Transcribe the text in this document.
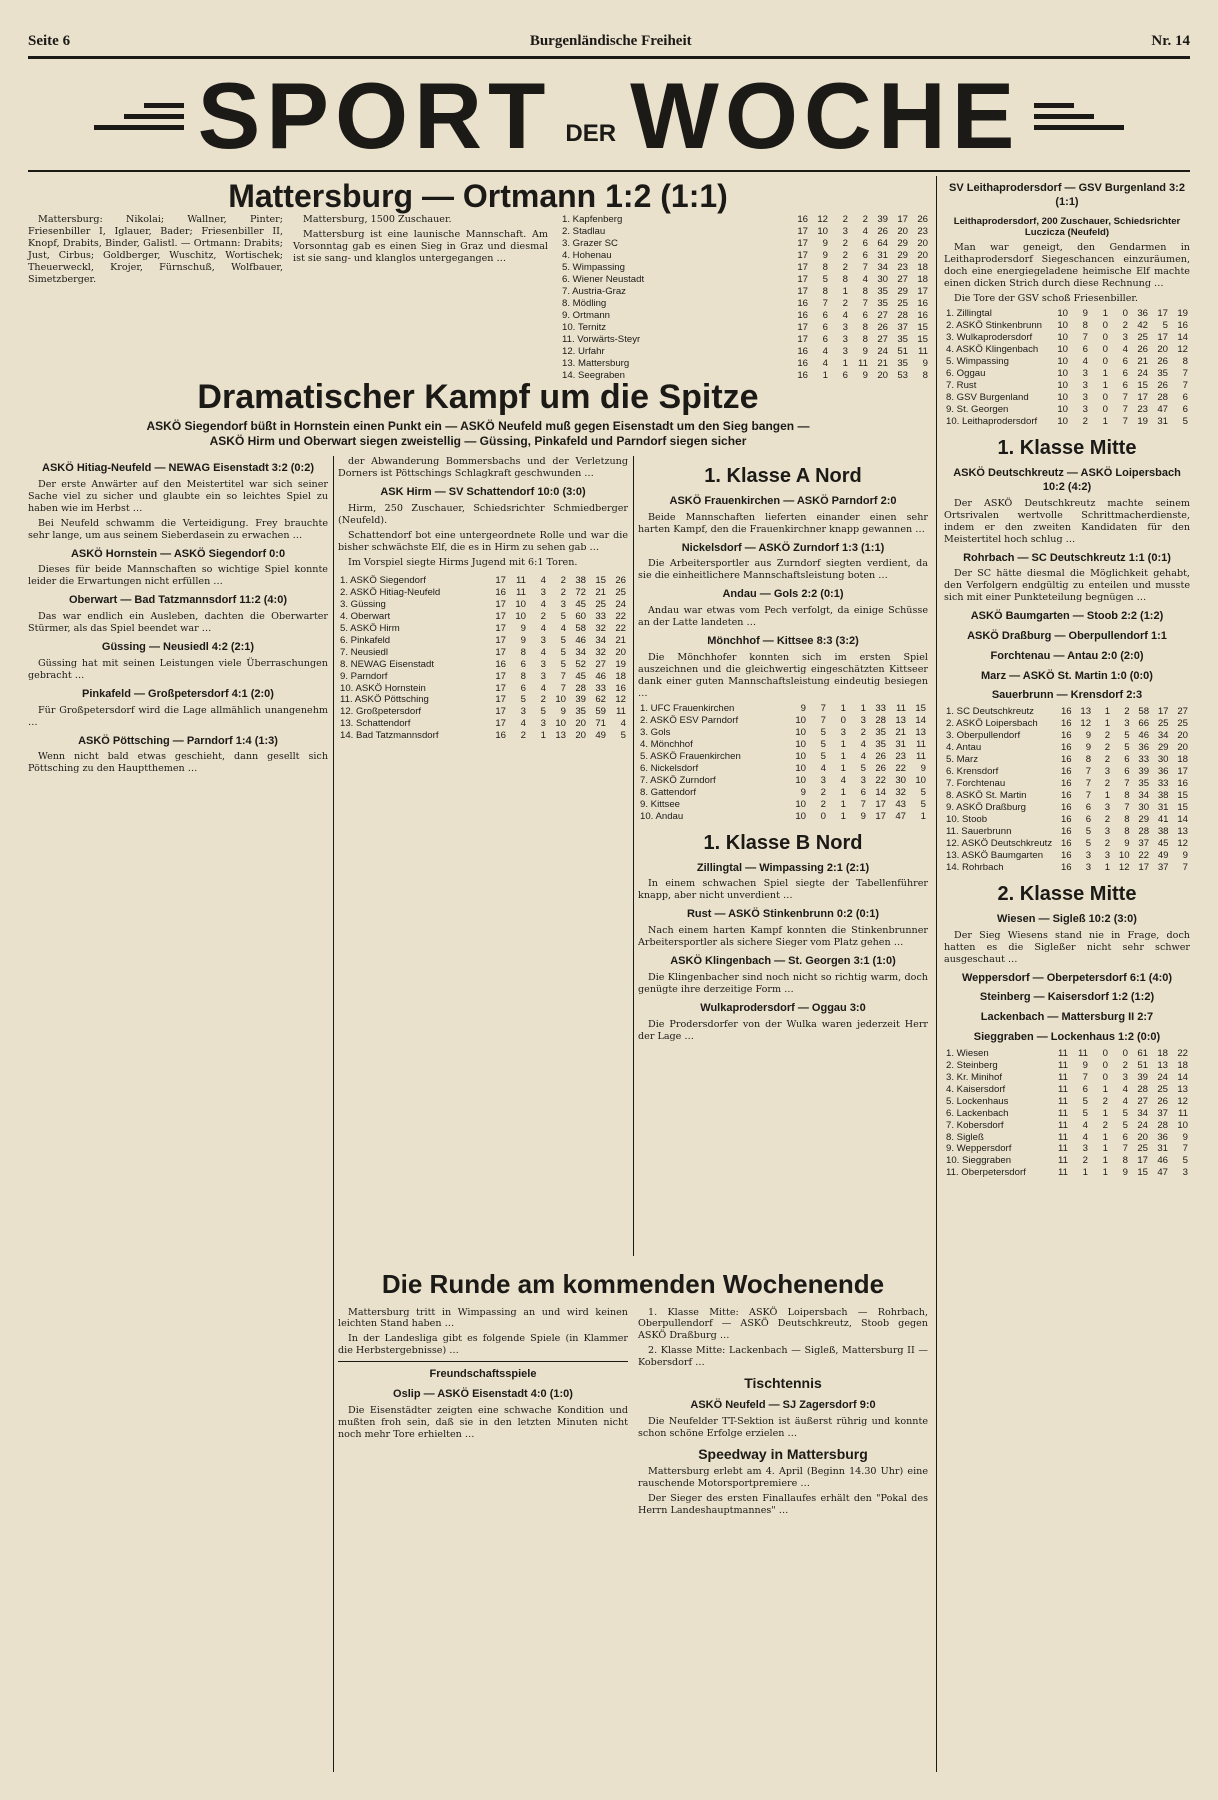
Seite 6	Burgenländische Freiheit	Nr. 14
SPORT DER WOCHE
Mattersburg — Ortmann 1:2 (1:1)

Mattersburg: Nikolai; Wallner, Pinter; Friesenbiller I, Iglauer, Bader; Friesenbiller II, Knopf, Drabits, Binder, Galistl. — Ortmann: Drabits; Just, Cirbus; Goldberger, Wuschitz, Wortischek; Theuerweckl, Krojer, Fürnschuß, Wolfbauer, Simetzberger.

Mattersburg, 1500 Zuschauer.

Mattersburg ist eine launische Mannschaft. Am Vorsonntag gab es einen Sieg in Graz und diesmal ist sie sang- und klanglos untergegangen …

1. Kapfenberg	16	12	2	2	39	17	26
2. Stadlau	17	10	3	4	26	20	23
3. Grazer SC	17	9	2	6	64	29	20
4. Hohenau	17	9	2	6	31	29	20
5. Wimpassing	17	8	2	7	34	23	18
6. Wiener Neustadt	17	5	8	4	30	27	18
7. Austria-Graz	17	8	1	8	35	29	17
8. Mödling	16	7	2	7	35	25	16
9. Ortmann	16	6	4	6	27	28	16
10. Ternitz	17	6	3	8	26	37	15
11. Vorwärts-Steyr	17	6	3	8	27	35	15
12. Urfahr	16	4	3	9	24	51	11
13. Mattersburg	16	4	1	11	21	35	9
14. Seegraben	16	1	6	9	20	53	8
Dramatischer Kampf um die Spitze
ASKÖ Siegendorf büßt in Hornstein einen Punkt ein — ASKÖ Neufeld muß gegen Eisenstadt um den Sieg bangen —
ASKÖ Hirm und Oberwart siegen zweistellig — Güssing, Pinkafeld und Parndorf siegen sicher
ASKÖ Hitiag-Neufeld — NEWAG Eisenstadt 3:2 (0:2)

Der erste Anwärter auf den Meistertitel war sich seiner Sache viel zu sicher und glaubte ein so leichtes Spiel zu haben wie im Herbst …

Bei Neufeld schwamm die Verteidigung. Frey brauchte sehr lange, um aus seinem Sieberdasein zu erwachen …

ASKÖ Hornstein — ASKÖ Siegendorf 0:0

Dieses für beide Mannschaften so wichtige Spiel konnte leider die Erwartungen nicht erfüllen …

Oberwart — Bad Tatzmannsdorf 11:2 (4:0)

Das war endlich ein Ausleben, dachten die Oberwarter Stürmer, als das Spiel beendet war …

Güssing — Neusiedl 4:2 (2:1)

Güssing hat mit seinen Leistungen viele Überraschungen gebracht …

Pinkafeld — Großpetersdorf 4:1 (2:0)

Für Großpetersdorf wird die Lage allmählich unangenehm …

ASKÖ Pöttsching — Parndorf 1:4 (1:3)

Wenn nicht bald etwas geschieht, dann gesellt sich Pöttsching zu den Hauptthemen …

der Abwanderung Bommersbachs und der Verletzung Dorners ist Pöttschings Schlagkraft geschwunden …

ASK Hirm — SV Schattendorf 10:0 (3:0)

Hirm, 250 Zuschauer, Schiedsrichter Schmiedberger (Neufeld).

Schattendorf bot eine untergeordnete Rolle und war die bisher schwächste Elf, die es in Hirm zu sehen gab …

Im Vorspiel siegte Hirms Jugend mit 6:1 Toren.

1. ASKÖ Siegendorf	17	11	4	2	38	15	26
2. ASKÖ Hitiag-Neufeld	16	11	3	2	72	21	25
3. Güssing	17	10	4	3	45	25	24
4. Oberwart	17	10	2	5	60	33	22
5. ASKÖ Hirm	17	9	4	4	58	32	22
6. Pinkafeld	17	9	3	5	46	34	21
7. Neusiedl	17	8	4	5	34	32	20
8. NEWAG Eisenstadt	16	6	3	5	52	27	19
9. Parndorf	17	8	3	7	45	46	18
10. ASKÖ Hornstein	17	6	4	7	28	33	16
11. ASKÖ Pöttsching	17	5	2	10	39	62	12
12. Großpetersdorf	17	3	5	9	35	59	11
13. Schattendorf	17	4	3	10	20	71	4
14. Bad Tatzmannsdorf	16	2	1	13	20	49	5
1. Klasse A Nord
ASKÖ Frauenkirchen — ASKÖ Parndorf 2:0

Beide Mannschaften lieferten einander einen sehr harten Kampf, den die Frauenkirchner knapp gewannen …

Nickelsdorf — ASKÖ Zurndorf 1:3 (1:1)

Die Arbeitersportler aus Zurndorf siegten verdient, da sie die einheitlichere Mannschaftsleistung boten …

Andau — Gols 2:2 (0:1)

Andau war etwas vom Pech verfolgt, da einige Schüsse an der Latte landeten …

Mönchhof — Kittsee 8:3 (3:2)

Die Mönchhofer konnten sich im ersten Spiel auszeichnen und die gleichwertig eingeschätzten Kittseer dank einer guten Mannschaftsleistung eindeutig besiegen …

1. UFC Frauenkirchen	9	7	1	1	33	11	15
2. ASKÖ ESV Parndorf	10	7	0	3	28	13	14
3. Gols	10	5	3	2	35	21	13
4. Mönchhof	10	5	1	4	35	31	11
5. ASKÖ Frauenkirchen	10	5	1	4	26	23	11
6. Nickelsdorf	10	4	1	5	26	22	9
7. ASKÖ Zurndorf	10	3	4	3	22	30	10
8. Gattendorf	9	2	1	6	14	32	5
9. Kittsee	10	2	1	7	17	43	5
10. Andau	10	0	1	9	17	47	1
1. Klasse B Nord
Zillingtal — Wimpassing 2:1 (2:1)

In einem schwachen Spiel siegte der Tabellenführer knapp, aber nicht unverdient …

Rust — ASKÖ Stinkenbrunn 0:2 (0:1)

Nach einem harten Kampf konnten die Stinkenbrunner Arbeitersportler als sichere Sieger vom Platz gehen …

ASKÖ Klingenbach — St. Georgen 3:1 (1:0)

Die Klingenbacher sind noch nicht so richtig warm, doch genügte ihre derzeitige Form …

Wulkaprodersdorf — Oggau 3:0

Die Prodersdorfer von der Wulka waren jederzeit Herr der Lage …

Die Runde am kommenden Wochenende

Mattersburg tritt in Wimpassing an und wird keinen leichten Stand haben …

In der Landesliga gibt es folgende Spiele (in Klammer die Herbstergebnisse) …

Freundschaftsspiele
Oslip — ASKÖ Eisenstadt 4:0 (1:0)

Die Eisenstädter zeigten eine schwache Kondition und mußten froh sein, daß sie in den letzten Minuten nicht noch mehr Tore erhielten …

1. Klasse Mitte: ASKÖ Loipersbach — Rohrbach, Oberpullendorf — ASKÖ Deutschkreutz, Stoob gegen ASKÖ Draßburg …

2. Klasse Mitte: Lackenbach — Sigleß, Mattersburg II — Kobersdorf …

Tischtennis
ASKÖ Neufeld — SJ Zagersdorf 9:0

Die Neufelder TT-Sektion ist äußerst rührig und konnte schon schöne Erfolge erzielen …

Speedway in Mattersburg

Mattersburg erlebt am 4. April (Beginn 14.30 Uhr) eine rauschende Motorsportpremiere …

Der Sieger des ersten Finallaufes erhält den "Pokal des Herrn Landeshauptmannes" …

SV Leithaprodersdorf — GSV Burgenland 3:2 (1:1)
Leithaprodersdorf, 200 Zuschauer, Schiedsrichter Luczicza (Neufeld)

Man war geneigt, den Gendarmen in Leithaprodersdorf Siegeschancen einzuräumen, doch eine energiegeladene heimische Elf machte einen dicken Strich durch diese Rechnung …

Die Tore der GSV schoß Friesenbiller.

1. Zillingtal	10	9	1	0	36	17	19
2. ASKÖ Stinkenbrunn	10	8	0	2	42	5	16
3. Wulkaprodersdorf	10	7	0	3	25	17	14
4. ASKÖ Klingenbach	10	6	0	4	26	20	12
5. Wimpassing	10	4	0	6	21	26	8
6. Oggau	10	3	1	6	24	35	7
7. Rust	10	3	1	6	15	26	7
8. GSV Burgenland	10	3	0	7	17	28	6
9. St. Georgen	10	3	0	7	23	47	6
10. Leithaprodersdorf	10	2	1	7	19	31	5
1. Klasse Mitte
ASKÖ Deutschkreutz — ASKÖ Loipersbach 10:2 (4:2)

Der ASKÖ Deutschkreutz machte seinem Ortsrivalen wertvolle Schrittmacherdienste, indem er den zweiten Kandidaten für den Meistertitel hoch schlug …

Rohrbach — SC Deutschkreutz 1:1 (0:1)

Der SC hätte diesmal die Möglichkeit gehabt, den Verfolgern endgültig zu enteilen und musste sich mit einer Punkteteilung begnügen …

ASKÖ Baumgarten — Stoob 2:2 (1:2)
ASKÖ Draßburg — Oberpullendorf 1:1
Forchtenau — Antau 2:0 (2:0)
Marz — ASKÖ St. Martin 1:0 (0:0)
Sauerbrunn — Krensdorf 2:3
1. SC Deutschkreutz	16	13	1	2	58	17	27
2. ASKÖ Loipersbach	16	12	1	3	66	25	25
3. Oberpullendorf	16	9	2	5	46	34	20
4. Antau	16	9	2	5	36	29	20
5. Marz	16	8	2	6	33	30	18
6. Krensdorf	16	7	3	6	39	36	17
7. Forchtenau	16	7	2	7	35	33	16
8. ASKÖ St. Martin	16	7	1	8	34	38	15
9. ASKÖ Draßburg	16	6	3	7	30	31	15
10. Stoob	16	6	2	8	29	41	14
11. Sauerbrunn	16	5	3	8	28	38	13
12. ASKÖ Deutschkreutz	16	5	2	9	37	45	12
13. ASKÖ Baumgarten	16	3	3	10	22	49	9
14. Rohrbach	16	3	1	12	17	37	7
2. Klasse Mitte
Wiesen — Sigleß 10:2 (3:0)

Der Sieg Wiesens stand nie in Frage, doch hatten es die Sigleßer nicht sehr schwer ausgeschaut …

Weppersdorf — Oberpetersdorf 6:1 (4:0)
Steinberg — Kaisersdorf 1:2 (1:2)
Lackenbach — Mattersburg II 2:7
Sieggraben — Lockenhaus 1:2 (0:0)
1. Wiesen	11	11	0	0	61	18	22
2. Steinberg	11	9	0	2	51	13	18
3. Kr. Minihof	11	7	0	3	39	24	14
4. Kaisersdorf	11	6	1	4	28	25	13
5. Lockenhaus	11	5	2	4	27	26	12
6. Lackenbach	11	5	1	5	34	37	11
7. Kobersdorf	11	4	2	5	24	28	10
8. Sigleß	11	4	1	6	20	36	9
9. Weppersdorf	11	3	1	7	25	31	7
10. Sieggraben	11	2	1	8	17	46	5
11. Oberpetersdorf	11	1	1	9	15	47	3
